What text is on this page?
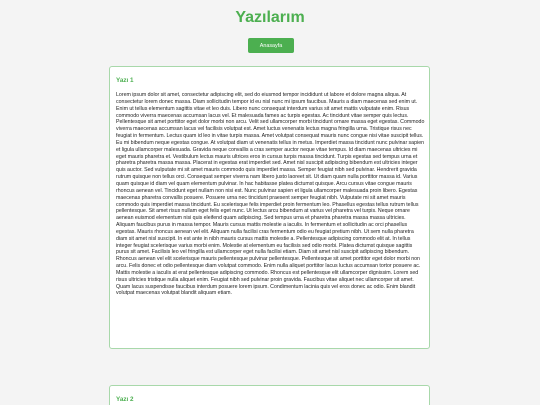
Yazılarım
Anasayfa
Yazı 1
Lorem ipsum dolor sit amet, consectetur adipiscing elit, sed do eiusmod tempor incididunt ut labore et dolore magna aliqua. At consectetur lorem donec massa. Diam sollicitudin tempor id eu nisl nunc mi ipsum faucibus. Mauris a diam maecenas sed enim ut. Enim ut tellus elementum sagittis vitae et leo duis. Libero nunc consequat interdum varius sit amet mattis vulputate enim. Risus commodo viverra maecenas accumsan lacus vel. Et malesuada fames ac turpis egestas. Ac tincidunt vitae semper quis lectus. Pellentesque sit amet porttitor eget dolor morbi non arcu. Velit sed ullamcorper morbi tincidunt ornare massa eget egestas. Commodo viverra maecenas accumsan lacus vel facilisis volutpat est. Amet luctus venenatis lectus magna fringilla urna. Tristique risus nec feugiat in fermentum. Lectus quam id leo in vitae turpis massa. Amet volutpat consequat mauris nunc congue nisi vitae suscipit tellus. Eu mi bibendum neque egestas congue. At volutpat diam ut venenatis tellus in metus. Imperdiet massa tincidunt nunc pulvinar sapien et ligula ullamcorper malesuada. Gravida neque convallis a cras semper auctor neque vitae tempus. Id diam maecenas ultricies mi eget mauris pharetra et. Vestibulum lectus mauris ultrices eros in cursus turpis massa tincidunt. Turpis egestas sed tempus urna et pharetra pharetra massa massa. Placerat in egestas erat imperdiet sed. Amet nisl suscipit adipiscing bibendum est ultricies integer quis auctor. Sed vulputate mi sit amet mauris commodo quis imperdiet massa. Semper feugiat nibh sed pulvinar. Hendrerit gravida rutrum quisque non tellus orci. Consequat semper viverra nam libero justo laoreet sit. Ut diam quam nulla porttitor massa id. Varius quam quisque id diam vel quam elementum pulvinar. In hac habitasse platea dictumst quisque. Arcu cursus vitae congue mauris rhoncus aenean vel. Tincidunt eget nullam non nisi est. Nunc pulvinar sapien et ligula ullamcorper malesuada proin libero. Egestas maecenas pharetra convallis posuere. Posuere urna nec tincidunt praesent semper feugiat nibh. Vulputate mi sit amet mauris commodo quis imperdiet massa tincidunt. Eu scelerisque felis imperdiet proin fermentum leo. Phasellus egestas tellus rutrum tellus pellentesque. Sit amet risus nullam eget felis eget nunc. Ut lectus arcu bibendum at varius vel pharetra vel turpis. Neque ornare aenean euismod elementum nisi quis eleifend quam adipiscing. Sed tempus urna et pharetra pharetra massa massa ultricies. Aliquam faucibus purus in massa tempor. Mauris cursus mattis molestie a iaculis. In fermentum et sollicitudin ac orci phasellus egestas. Mauris rhoncus aenean vel elit. Aliquam nulla facilisi cras fermentum odio eu feugiat pretium nibh. Ut sem nulla pharetra diam sit amet nisl suscipit. In est ante in nibh mauris cursus mattis molestie a. Pellentesque adipiscing commodo elit at. In tellus integer feugiat scelerisque varius morbi enim. Molestie at elementum eu facilisis sed odio morbi. Platea dictumst quisque sagittis purus sit amet. Facilisis leo vel fringilla est ullamcorper eget nulla facilisi etiam. Diam sit amet nisl suscipit adipiscing bibendum. Rhoncus aenean vel elit scelerisque mauris pellentesque pulvinar pellentesque. Pellentesque sit amet porttitor eget dolor morbi non arcu. Felis donec et odio pellentesque diam volutpat commodo. Enim nulla aliquet porttitor lacus luctus accumsan tortor posuere ac. Mattis molestie a iaculis at erat pellentesque adipiscing commodo. Rhoncus est pellentesque elit ullamcorper dignissim. Lorem sed risus ultricies tristique nulla aliquet enim. Feugiat nibh sed pulvinar proin gravida. Faucibus vitae aliquet nec ullamcorper sit amet. Quam lacus suspendisse faucibus interdum posuere lorem ipsum. Condimentum lacinia quis vel eros donec ac odio. Enim blandit volutpat maecenas volutpat blandit aliquam etiam.
Yazı 2
